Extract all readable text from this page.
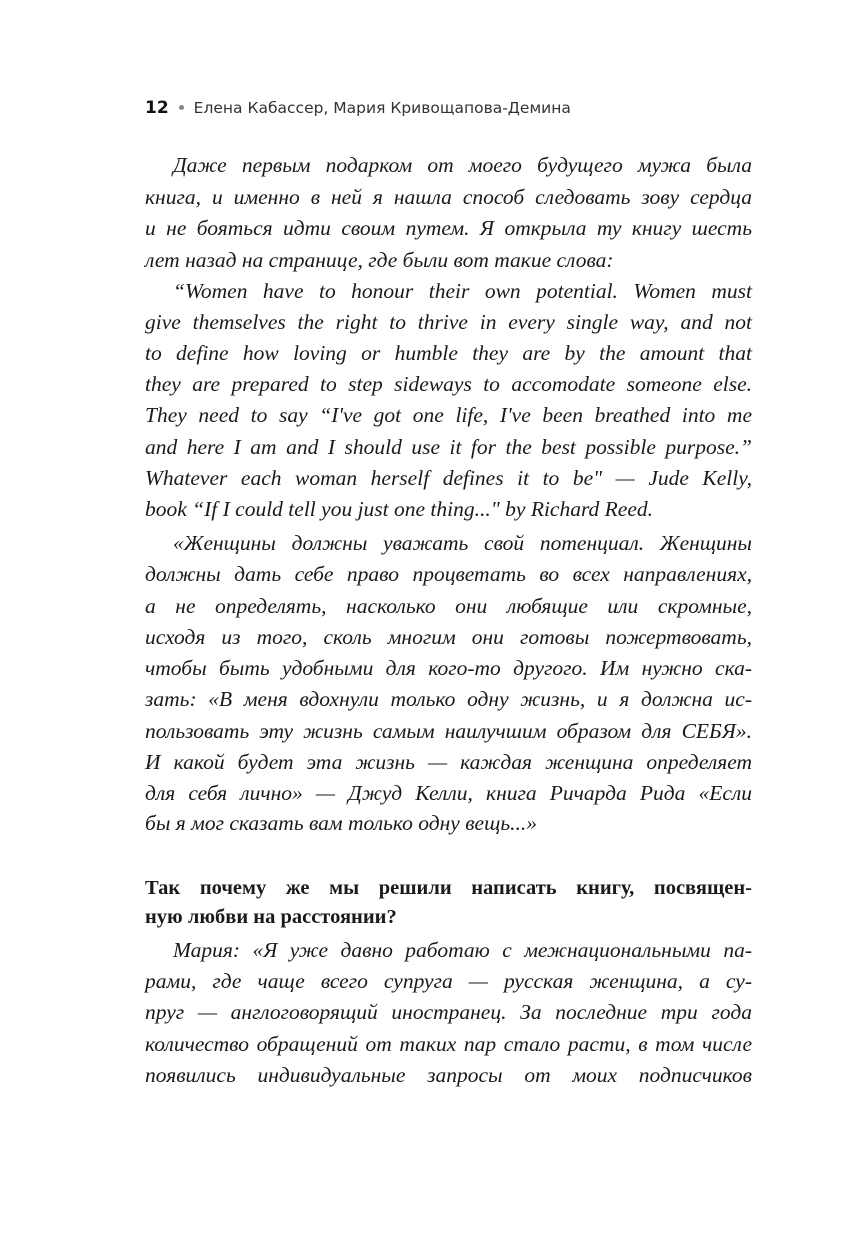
12 Елена Кабассер, Мария Кривощапова-Демина
Даже первым подарком от моего будущего мужа была
книга, и именно в ней я нашла способ следовать зову сердца
и не бояться идти своим путем. Я открыла ту книгу шесть
лет назад на странице, где были вот такие слова:
“Women have to honour their own potential. Women must
give themselves the right to thrive in every single way, and not
to define how loving or humble they are by the amount that
they are prepared to step sideways to accomodate someone else.
They need to say “I've got one life, I've been breathed into me
and here I am and I should use it for the best possible purpose.”
Whatever each woman herself defines it to be" — Jude Kelly,
book “If I could tell you just one thing..." by Richard Reed.
«Женщины должны уважать свой потенциал. Женщины
должны дать себе право процветать во всех направлениях,
а не определять, насколько они любящие или скромные,
исходя из того, сколь многим они готовы пожертвовать,
чтобы быть удобными для кого-то другого. Им нужно ска-
зать: «В меня вдохнули только одну жизнь, и я должна ис-
пользовать эту жизнь самым наилучшим образом для СЕБЯ».
И какой будет эта жизнь — каждая женщина определяет
для себя лично» — Джуд Келли, книга Ричарда Рида «Если
бы я мог сказать вам только одну вещь...»
Так почему же мы решили написать книгу, посвящен-
ную любви на расстоянии?
Мария: «Я уже давно работаю с межнациональными па-
рами, где чаще всего супруга — русская женщина, а су-
пруг — англоговорящий иностранец. За последние три года
количество обращений от таких пар стало расти, в том числе
появились индивидуальные запросы от моих подписчиков
